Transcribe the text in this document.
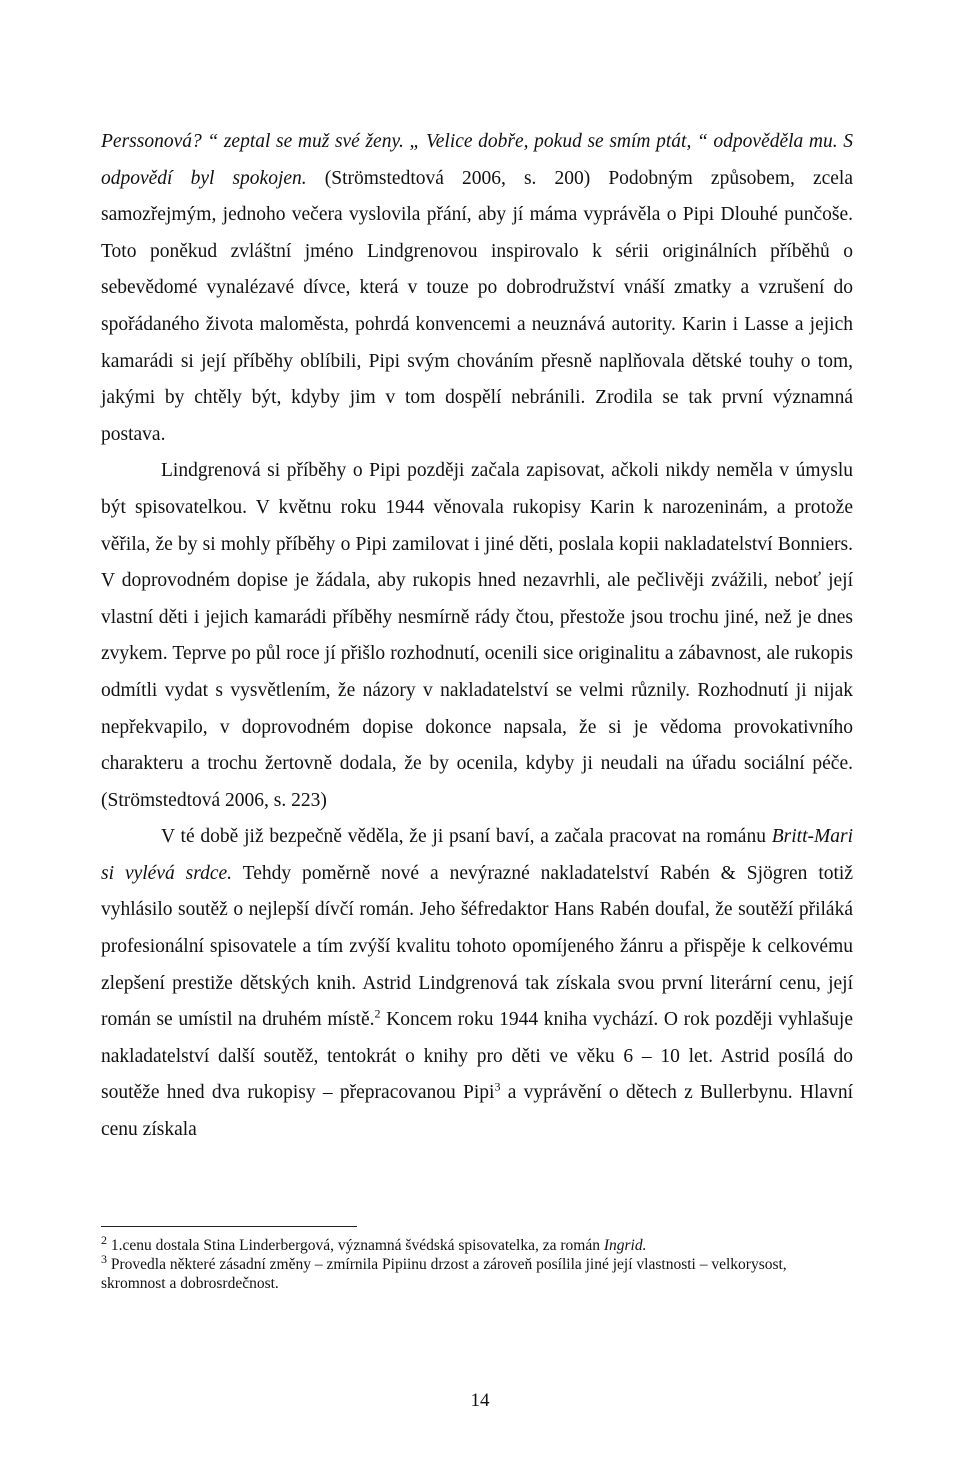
Perssonová? “ zeptal se muž své ženy. „ Velice dobře, pokud se smím ptát, “ odpověděla mu. S odpovědí byl spokojen. (Strömstedtová 2006, s. 200) Podobným způsobem, zcela samozřejmým, jednoho večera vyslovila přání, aby jí máma vyprávěla o Pipi Dlouhé punčoše. Toto poněkud zvláštní jméno Lindgrenovou inspirovalo k sérii originálních příběhů o sebevědomé vynalézavé dívce, která v touze po dobrodružství vnáší zmatky a vzrušení do spořádaného života maloměsta, pohrdá konvencemi a neuznává autority. Karin i Lasse a jejich kamarádi si její příběhy oblíbili, Pipi svým chováním přesně naplňovala dětské touhy o tom, jakými by chtěly být, kdyby jim v tom dospělí nebránili. Zrodila se tak první významná postava.

Lindgrenová si příběhy o Pipi později začala zapisovat, ačkoli nikdy neměla v úmyslu být spisovatelkou. V květnu roku 1944 věnovala rukopisy Karin k narozeninám, a protože věřila, že by si mohly příběhy o Pipi zamilovat i jiné děti, poslala kopii nakladatelství Bonniers. V doprovodném dopise je žádala, aby rukopis hned nezavrhli, ale pečlivěji zvážili, neboť její vlastní děti i jejich kamarádi příběhy nesmírně rády čtou, přestože jsou trochu jiné, než je dnes zvykem. Teprve po půl roce jí přišlo rozhodnutí, ocenili sice originalitu a zábavnost, ale rukopis odmítli vydat s vysvětlením, že názory v nakladatelství se velmi různily. Rozhodnutí ji nijak nepřekvapilo, v doprovodném dopise dokonce napsala, že si je vědoma provokativního charakteru a trochu žertovně dodala, že by ocenila, kdyby ji neudali na úřadu sociální péče. (Strömstedtová 2006, s. 223)

V té době již bezpečně věděla, že ji psaní baví, a začala pracovat na románu Britt-Mari si vylévá srdce. Tehdy poměrně nové a nevýrazné nakladatelství Rabén & Sjögren totiž vyhlásilo soutěž o nejlepší dívčí román. Jeho šéfredaktor Hans Rabén doufal, že soutěží přiláká profesionální spisovatele a tím zvýší kvalitu tohoto opomíjeného žánru a přispěje k celkovému zlepšení prestiže dětských knih. Astrid Lindgrenová tak získala svou první literární cenu, její román se umístil na druhém místě.$^2$ Koncem roku 1944 kniha vychází. O rok později vyhlašuje nakladatelství další soutěž, tentokrát o knihy pro děti ve věku 6 – 10 let. Astrid posílá do soutěže hned dva rukopisy – přepracovanou Pipi$^3$ a vyprávění o dětech z Bullerbynu. Hlavní cenu získala

$^2$ 1.cenu dostala Stina Linderbergová, významná švédská spisovatelka, za román Ingrid.

$^3$ Provedla některé zásadní změny – zmírnila Pipiinu drzost a zároveň posílila jiné její vlastnosti – velkorysost, skromnost a dobrosrdečnost.

14
